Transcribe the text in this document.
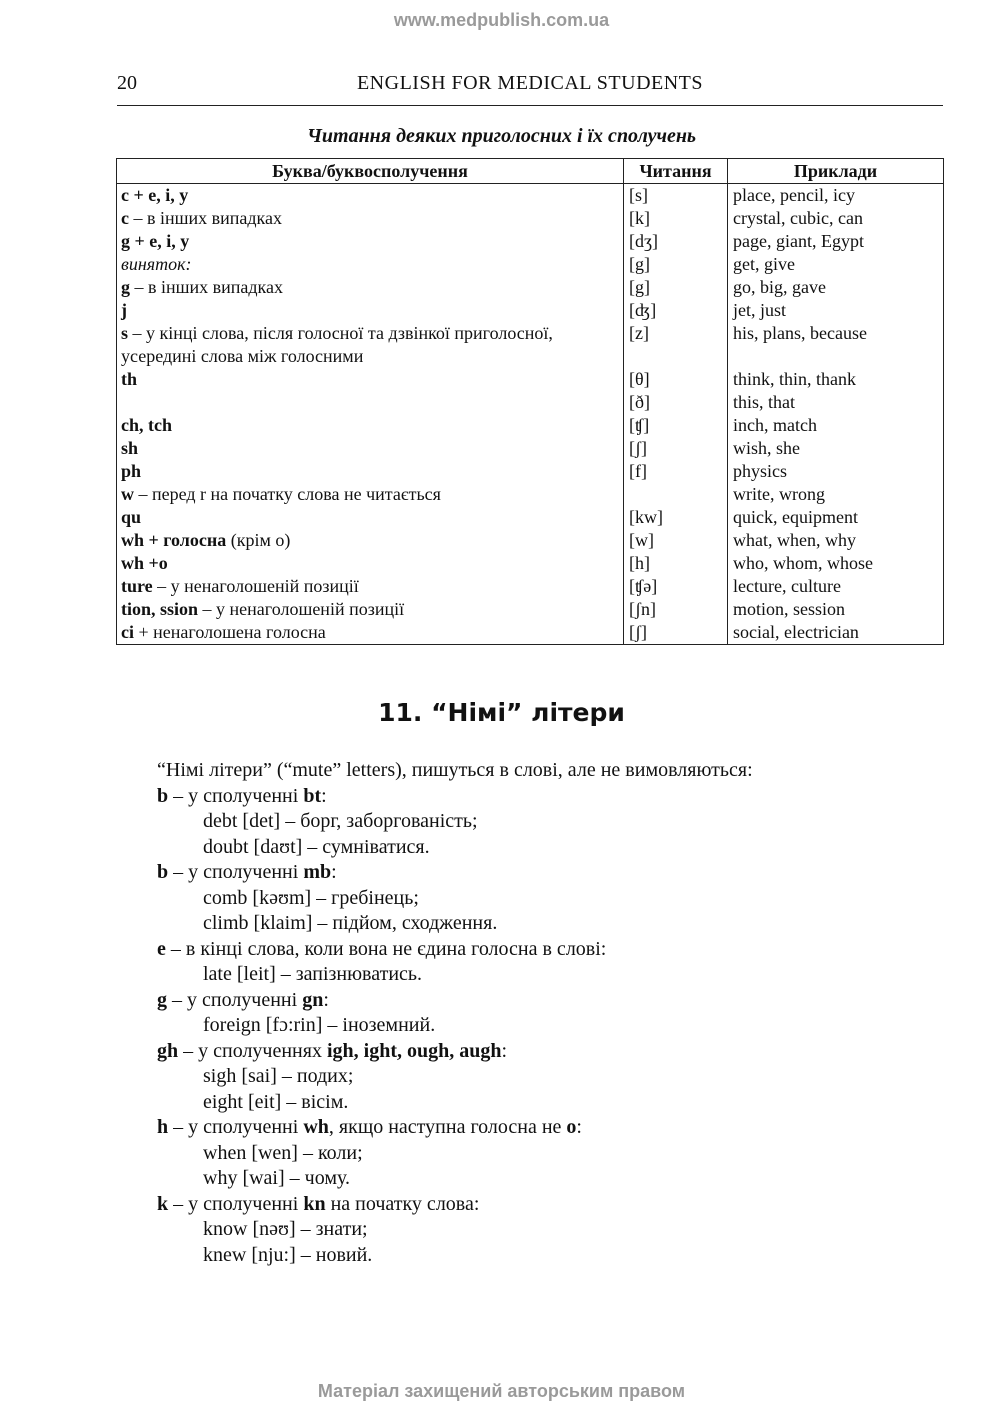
www.medpublish.com.ua
20	ENGLISH FOR MEDICAL STUDENTS
Читання деяких приголосних і їх сполучень
Буква/буквосполучення	Читання	Приклади
c + e, i, y	[s]	place, pencil, icy
c – в інших випадках	[k]	crystal, cubic, can
g + e, i, y	[dʒ]	page, giant, Egypt
виняток:	[g]	get, give
g – в інших випадках	[g]	go, big, gave
j	[ʤ]	jet, just
s – у кінці слова, після голосної та дзвінкої приголосної, усередині слова між голосними	[z]	his, plans, because
th	[θ]	think, thin, thank
	[ð]	this, that
ch, tch	[ʧ]	inch, match
sh	[ʃ]	wish, she
ph	[f]	physics
w – перед r на початку слова не читається		write, wrong
qu	[kw]	quick, equipment
wh + голосна (крім о)	[w]	what, when, why
wh +o	[h]	who, whom, whose
ture – у ненаголошеній позиції	[ʧə]	lecture, culture
tion, ssion – у ненаголошеній позиції	[ʃn]	motion, session
ci + ненаголошена голосна	[ʃ]	social, electrician
11. “Німі” літери

“Німі літери” (“mute” letters), пишуться в слові, але не вимовляються:

b – у сполученні bt:

debt [det] – борг, заборгованість;

doubt [daʊt] – сумніватися.

b – у сполученні mb:

comb [kəʊm] – гребінець;

climb [klaim] – підйом, сходження.

e – в кінці слова, коли вона не єдина голосна в слові:

late [leit] – запізнюватись.

g – у сполученні gn:

foreign [fɔ:rin] – іноземний.

gh – у сполученнях igh, ight, ough, augh:

sigh [sai] – подих;

eight [eit] – вісім.

h – у сполученні wh, якщо наступна голосна не o:

when [wen] – коли;

why [wai] – чому.

k – у сполученні kn на початку слова:

know [nəʊ] – знати;

knew [nju:] – новий.

Матеріал захищений авторським правом
